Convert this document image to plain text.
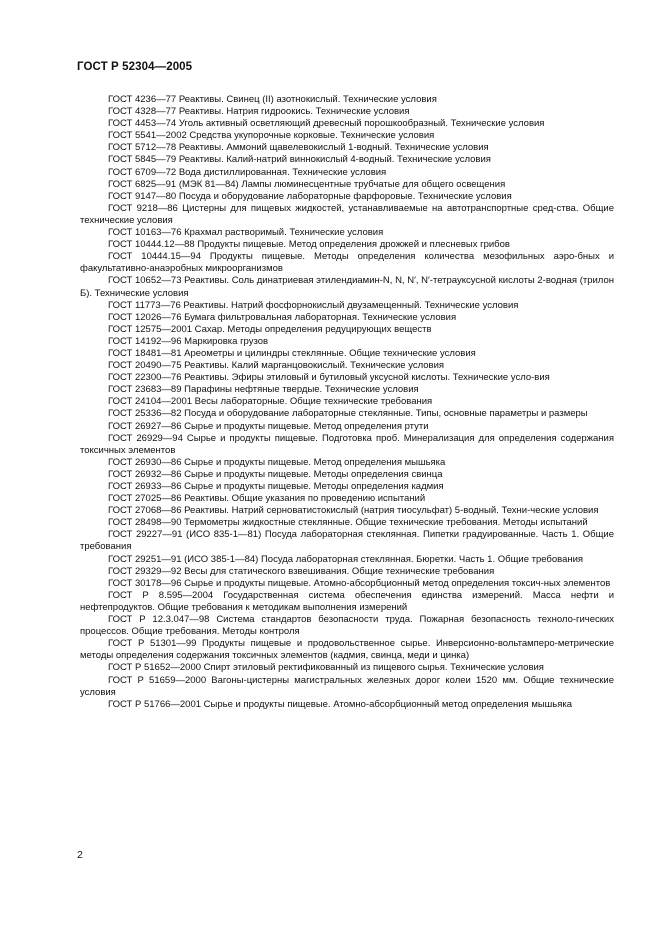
ГОСТ Р 52304—2005

ГОСТ 4236—77 Реактивы. Свинец (II) азотнокислый. Технические условия

ГОСТ 4328—77 Реактивы. Натрия гидроокись. Технические условия

ГОСТ 4453—74 Уголь активный осветляющий древесный порошкообразный. Технические условия

ГОСТ 5541—2002 Средства укупорочные корковые. Технические условия

ГОСТ 5712—78 Реактивы. Аммоний щавелевокислый 1-водный. Технические условия

ГОСТ 5845—79 Реактивы. Калий-натрий виннокислый 4-водный. Технические условия

ГОСТ 6709—72 Вода дистиллированная. Технические условия

ГОСТ 6825—91 (МЭК 81—84) Лампы люминесцентные трубчатые для общего освещения

ГОСТ 9147—80 Посуда и оборудование лабораторные фарфоровые. Технические условия

ГОСТ 9218—86 Цистерны для пищевых жидкостей, устанавливаемые на автотранспортные сред-ства. Общие технические условия

ГОСТ 10163—76 Крахмал растворимый. Технические условия

ГОСТ 10444.12—88 Продукты пищевые. Метод определения дрожжей и плесневых грибов

ГОСТ 10444.15—94 Продукты пищевые. Методы определения количества мезофильных аэро-бных и факультативно-анаэробных микроорганизмов

ГОСТ 10652—73 Реактивы. Соль динатриевая этилендиамин-N, N, N′, N′-тетрауксусной кислоты 2-водная (трилон Б). Технические условия

ГОСТ 11773—76 Реактивы. Натрий фосфорнокислый двузамещенный. Технические условия

ГОСТ 12026—76 Бумага фильтровальная лабораторная. Технические условия

ГОСТ 12575—2001 Сахар. Методы определения редуцирующих веществ

ГОСТ 14192—96 Маркировка грузов

ГОСТ 18481—81 Ареометры и цилиндры стеклянные. Общие технические условия

ГОСТ 20490—75 Реактивы. Калий марганцовокислый. Технические условия

ГОСТ 22300—76 Реактивы. Эфиры этиловый и бутиловый уксусной кислоты. Технические усло-вия

ГОСТ 23683—89 Парафины нефтяные твердые. Технические условия

ГОСТ 24104—2001 Весы лабораторные. Общие технические требования

ГОСТ 25336—82 Посуда и оборудование лабораторные стеклянные. Типы, основные параметры и размеры

ГОСТ 26927—86 Сырье и продукты пищевые. Метод определения ртути

ГОСТ 26929—94 Сырье и продукты пищевые. Подготовка проб. Минерализация для определения содержания токсичных элементов

ГОСТ 26930—86 Сырье и продукты пищевые. Метод определения мышьяка

ГОСТ 26932—86 Сырье и продукты пищевые. Методы определения свинца

ГОСТ 26933—86 Сырье и продукты пищевые. Методы определения кадмия

ГОСТ 27025—86 Реактивы. Общие указания по проведению испытаний

ГОСТ 27068—86 Реактивы. Натрий серноватистокислый (натрия тиосульфат) 5-водный. Техни-ческие условия

ГОСТ 28498—90 Термометры жидкостные стеклянные. Общие технические требования. Методы испытаний

ГОСТ 29227—91 (ИСО 835-1—81) Посуда лабораторная стеклянная. Пипетки градуированные. Часть 1. Общие требования

ГОСТ 29251—91 (ИСО 385-1—84) Посуда лабораторная стеклянная. Бюретки. Часть 1. Общие требования

ГОСТ 29329—92 Весы для статического взвешивания. Общие технические требования

ГОСТ 30178—96 Сырье и продукты пищевые. Атомно-абсорбционный метод определения токсич-ных элементов

ГОСТ Р 8.595—2004 Государственная система обеспечения единства измерений. Масса нефти и нефтепродуктов. Общие требования к методикам выполнения измерений

ГОСТ Р 12.3.047—98 Система стандартов безопасности труда. Пожарная безопасность техноло-гических процессов. Общие требования. Методы контроля

ГОСТ Р 51301—99 Продукты пищевые и продовольственное сырье. Инверсионно-вольтамперо-метрические методы определения содержания токсичных элементов (кадмия, свинца, меди и цинка)

ГОСТ Р 51652—2000 Спирт этиловый ректификованный из пищевого сырья. Технические условия

ГОСТ Р 51659—2000 Вагоны-цистерны магистральных железных дорог колеи 1520 мм. Общие технические условия

ГОСТ Р 51766—2001 Сырье и продукты пищевые. Атомно-абсорбционный метод определения мышьяка

2
